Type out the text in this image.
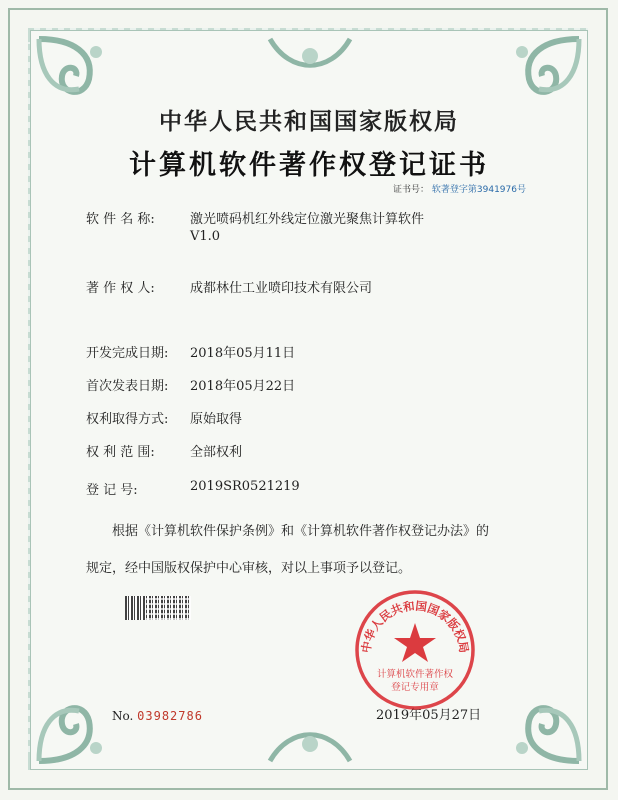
中华人民共和国国家版权局
计算机软件著作权登记证书
证书号： 软著登字第3941976号
软 件 名 称:	激光喷码机红外线定位激光聚焦计算软件
V1.0
著 作 权 人:	成都林仕工业喷印技术有限公司
开发完成日期: 2018年05月11日
首次发表日期: 2018年05月22日
权利取得方式: 原始取得
权 利 范 围:	全部权利
登 记 号:	2019SR0521219
根据《计算机软件保护条例》和《计算机软件著作权登记办法》的
规定，经中国版权保护中心审核，对以上事项予以登记。
No. 03982786	2019年05月27日
中华人民共和国国家版权局
计算机软件著作权
登记专用章
